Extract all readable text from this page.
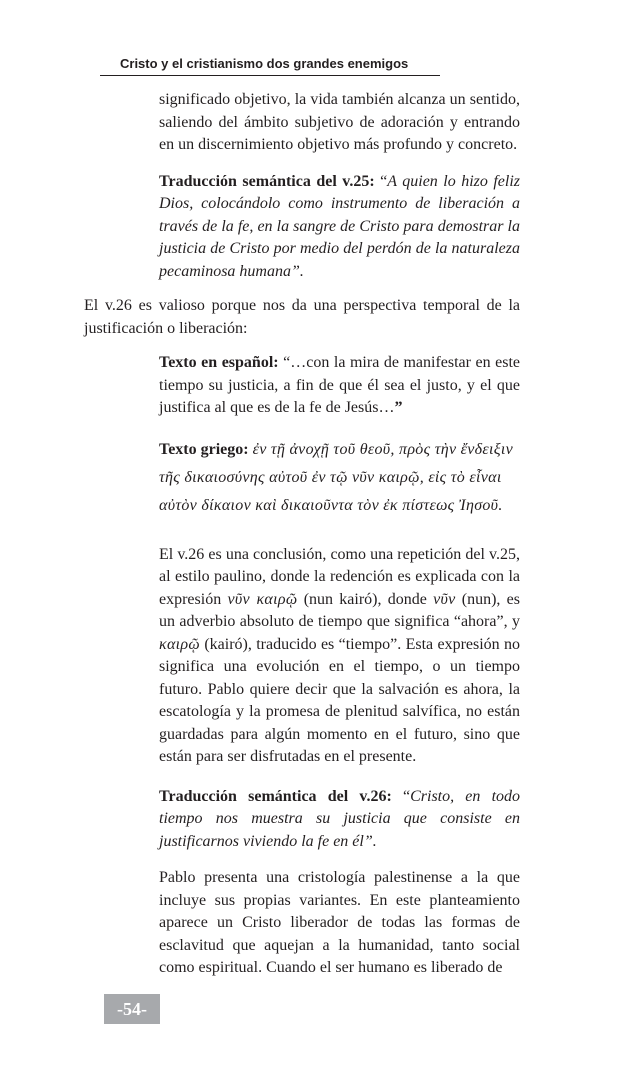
Cristo y el cristianismo dos grandes enemigos

significado objetivo, la vida también alcanza un sentido, saliendo del ámbito subjetivo de adoración y entrando en un discernimiento objetivo más profundo y concreto.

Traducción semántica del v.25: “A quien lo hizo feliz Dios, colocándolo como instrumento de liberación a través de la fe, en la sangre de Cristo para demostrar la justicia de Cristo por medio del perdón de la naturaleza pecaminosa humana”.

El v.26 es valioso porque nos da una perspectiva temporal de la justificación o liberación:

Texto en español: “…con la mira de manifestar en este tiempo su justicia, a fin de que él sea el justo, y el que justifica al que es de la fe de Jesús…”

Texto griego: ἐν τῇ ἀνοχῇ τοῦ θεοῦ, πρὸς τὴν ἔνδειξιν τῆς δικαιοσύνης αὐτοῦ ἐν τῷ νῦν καιρῷ, εἰς τὸ εἶναι αὐτὸν δίκαιον καὶ δικαιοῦντα τὸν ἐκ πίστεως Ἰησοῦ.

El v.26 es una conclusión, como una repetición del v.25, al estilo paulino, donde la redención es explicada con la expresión νῦν καιρῷ (nun kairó), donde νῦν (nun), es un adverbio absoluto de tiempo que significa “ahora”, y καιρῷ (kairó), traducido es “tiempo”. Esta expresión no significa una evolución en el tiempo, o un tiempo futuro. Pablo quiere decir que la salvación es ahora, la escatología y la promesa de plenitud salvífica, no están guardadas para algún momento en el futuro, sino que están para ser disfrutadas en el presente.

Traducción semántica del v.26: “Cristo, en todo tiempo nos muestra su justicia que consiste en justificarnos viviendo la fe en él”.

Pablo presenta una cristología palestinense a la que incluye sus propias variantes. En este planteamiento aparece un Cristo liberador de todas las formas de esclavitud que aquejan a la humanidad, tanto social como espiritual. Cuando el ser humano es liberado de

-54-
